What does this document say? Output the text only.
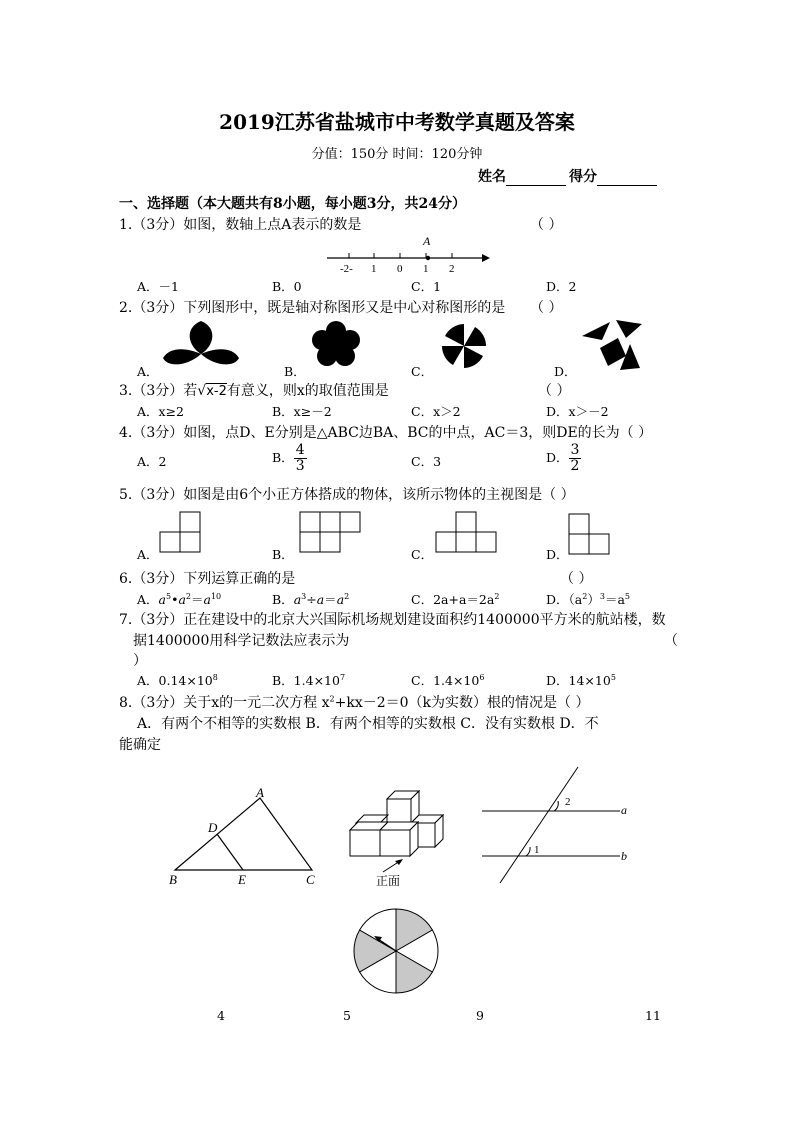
2019江苏省盐城市中考数学真题及答案
分值：150分 时间：120分钟
姓名	得分
一、选择题（本大题共有8小题，每小题3分，共24分）
1.（3分）如图，数轴上点A表示的数是	（ ）
A
-2- 1 0 1 2
A．－1	B．0	C．1	D．2
2.（3分）下列图形中，既是轴对称图形又是中心对称图形的是 （ ）
A．	B．	C．	D．
3.（3分）若√x-2有意义，则x的取值范围是	（ ）
A．x≥2	B．x≥－2	C．x＞2	D．x＞－2
4.（3分）如图，点D、E分别是△ABC边BA、BC的中点，AC＝3，则DE的长为（ ）
A．2	B． $\frac{4}{3}$	C．3	D． $\frac{3}{2}$
5.（3分）如图是由6个小正方体搭成的物体，该所示物体的主视图是（ ）
A．	B．	C．	D．
6.（3分）下列运算正确的是	（ ）
A．$a^5•a^2=a^{10}$	B．$a^3\div a=a^2$	C．$2a+a=2a^2$	D．$(a^2)^3=a^5$
7.（3分）正在建设中的北京大兴国际机场规划建设面积约1400000平方米的航站楼，数
据1400000用科学记数法应表示为	（
）
A．$0.14\times 10^8$	B．$1.4\times 10^7$	C．$1.4\times 10^6$	D．$14\times 10^5$
8.（3分）关于x的一元二次方程 $x^2+kx-2=0(k$为实数）根的情况是（ ）
A．有两个不相等的实数根 B．有两个相等的实数根 C．没有实数根 D．不
能确定
A
D
B	E	C	正面
2
a
1	b
4	5	9	11
